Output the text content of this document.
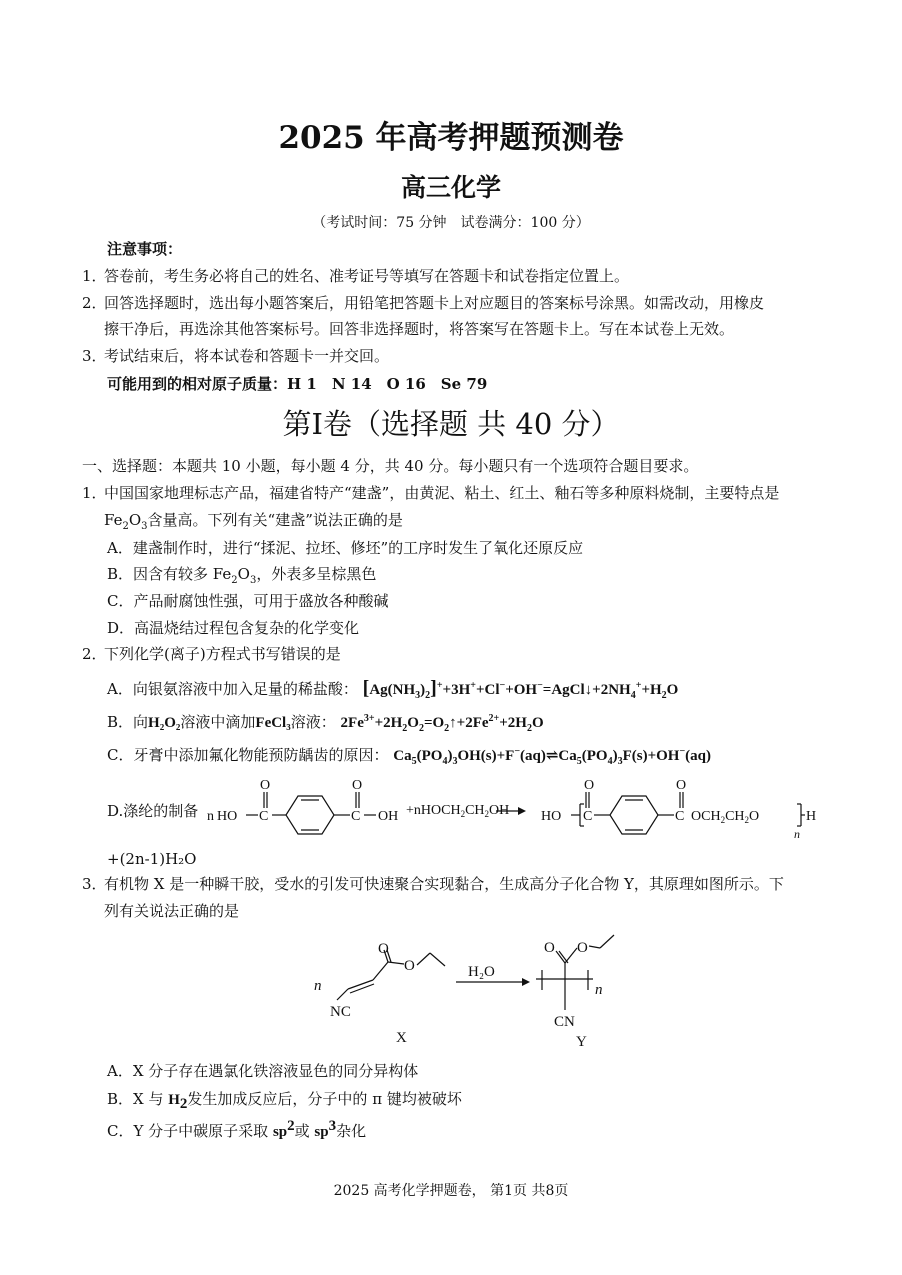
2025 年高考押题预测卷
高三化学
（考试时间：75 分钟　试卷满分：100 分）
注意事项：
1．答卷前，考生务必将自己的姓名、准考证号等填写在答题卡和试卷指定位置上。
2．回答选择题时，选出每小题答案后，用铅笔把答题卡上对应题目的答案标号涂黑。如需改动，用橡皮
擦干净后，再选涂其他答案标号。回答非选择题时，将答案写在答题卡上。写在本试卷上无效。
3．考试结束后，将本试卷和答题卡一并交回。
可能用到的相对原子质量：H 1　N 14　O 16　Se 79
第I卷（选择题 共 40 分）
一、选择题：本题共 10 小题，每小题 4 分，共 40 分。每小题只有一个选项符合题目要求。
1．中国国家地理标志产品，福建省特产“建盏”，由黄泥、粘土、红土、釉石等多种原料烧制，主要特点是
$Fe_2O_3$含量高。下列有关“建盏”说法正确的是
A．建盏制作时，进行“揉泥、拉坯、修坯”的工序时发生了氧化还原反应
B．因含有较多 $Fe_2O_3$，外表多呈棕黑色
C．产品耐腐蚀性强，可用于盛放各种酸碱
D．高温烧结过程包含复杂的化学变化
2．下列化学(离子)方程式书写错误的是
A．向银氨溶液中加入足量的稀盐酸： $[Ag(NH_3)_2]^++3H^++Cl^-+OH^-=AgCl↓+2NH_4^++H_2O$
B．向H₂O₂溶液中滴加FeCl₃溶液： $2Fe^{3+}+2H_2O_2=O_2↑+2Fe^{2+}+2H_2O$
C．牙膏中添加氟化物能预防龋齿的原因： $Ca_5(PO_4)_3OH(s)+F^-(aq)\rightleftharpoons Ca_5(PO_4)_3F(s)+OH^-(aq)$
D.涤纶的制备 n HO C
O
C
O
OH $+nHOCH_2CH_2OH$ HO C
O
C
O
$OCH_2CH_2O$	H
n
+(2n-1)H₂O
3．有机物 X 是一种瞬干胶，受水的引发可快速聚合实现黏合，生成高分子化合物 Y，其原理如图所示。下
列有关说法正确的是
n
NC
O
O
X
H₂O
n
O O
CN
Y
A．X 分子存在遇氯化铁溶液显色的同分异构体
B．X 与 $H_2$发生加成反应后，分子中的 π 键均被破坏
C．Y 分子中碳原子采取 $sp^2$或 $sp^3$杂化
2025 高考化学押题卷， 第1页 共8页
